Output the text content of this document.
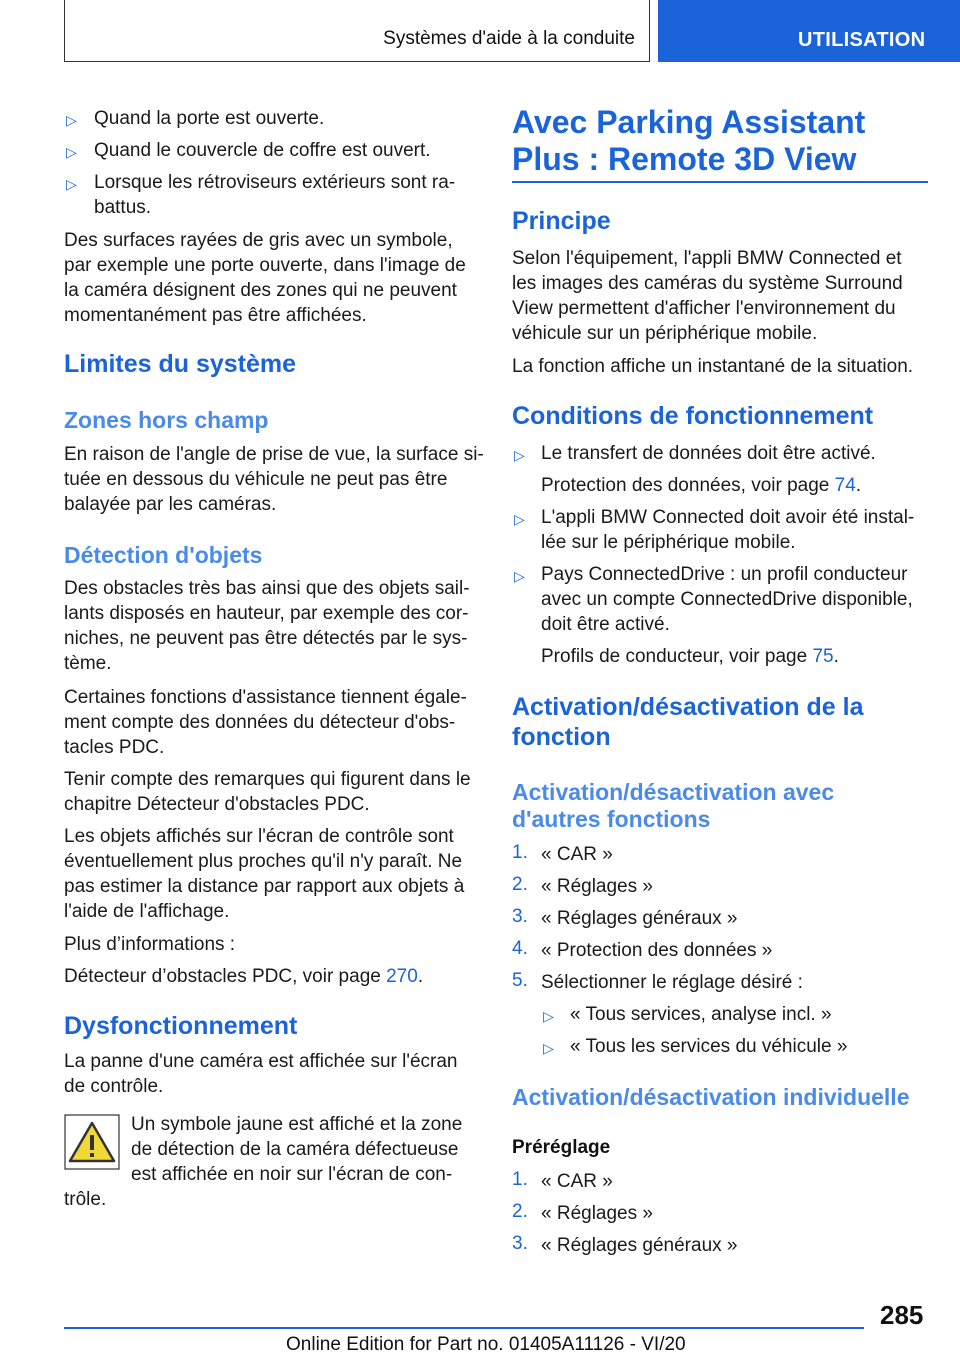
Systèmes d'aide à la conduite	UTILISATION
▷ Quand la porte est ouverte.
▷ Quand le couvercle de coffre est ouvert.
▷ Lorsque les rétroviseurs extérieurs sont ra-
battus.
Des surfaces rayées de gris avec un symbole,
par exemple une porte ouverte, dans l'image de
la caméra désignent des zones qui ne peuvent
momentanément pas être affichées.
Limites du système
Zones hors champ
En raison de l'angle de prise de vue, la surface si-
tuée en dessous du véhicule ne peut pas être
balayée par les caméras.
Détection d'objets
Des obstacles très bas ainsi que des objets sail-
lants disposés en hauteur, par exemple des cor-
niches, ne peuvent pas être détectés par le sys-
tème.
Certaines fonctions d'assistance tiennent égale-
ment compte des données du détecteur d'obs-
tacles PDC.
Tenir compte des remarques qui figurent dans le
chapitre Détecteur d'obstacles PDC.
Les objets affichés sur l'écran de contrôle sont
éventuellement plus proches qu'il n'y paraît. Ne
pas estimer la distance par rapport aux objets à
l'aide de l'affichage.
Plus d’informations :
Détecteur d’obstacles PDC, voir page 270.
Dysfonctionnement
La panne d'une caméra est affichée sur l'écran
de contrôle.
Un symbole jaune est affiché et la zone
de détection de la caméra défectueuse
est affichée en noir sur l'écran de con-
trôle.
Avec Parking Assistant
Plus : Remote 3D View
Principe
Selon l'équipement, l'appli BMW Connected et
les images des caméras du système Surround
View permettent d'afficher l'environnement du
véhicule sur un périphérique mobile.
La fonction affiche un instantané de la situation.
Conditions de fonctionnement
▷ Le transfert de données doit être activé.
Protection des données, voir page 74.
▷ L'appli BMW Connected doit avoir été instal-
lée sur le périphérique mobile.
▷ Pays ConnectedDrive : un profil conducteur
avec un compte ConnectedDrive disponible,
doit être activé.
Profils de conducteur, voir page 75.
Activation/désactivation de la
fonction
Activation/désactivation avec
d'autres fonctions
1. « CAR »
2. « Réglages »
3. « Réglages généraux »
4. « Protection des données »
5. Sélectionner le réglage désiré :
▷ « Tous services, analyse incl. »
▷ « Tous les services du véhicule »
Activation/désactivation individuelle
Préréglage
1. « CAR »
2. « Réglages »
3. « Réglages généraux »
285
Online Edition for Part no. 01405A11126 - VI/20
